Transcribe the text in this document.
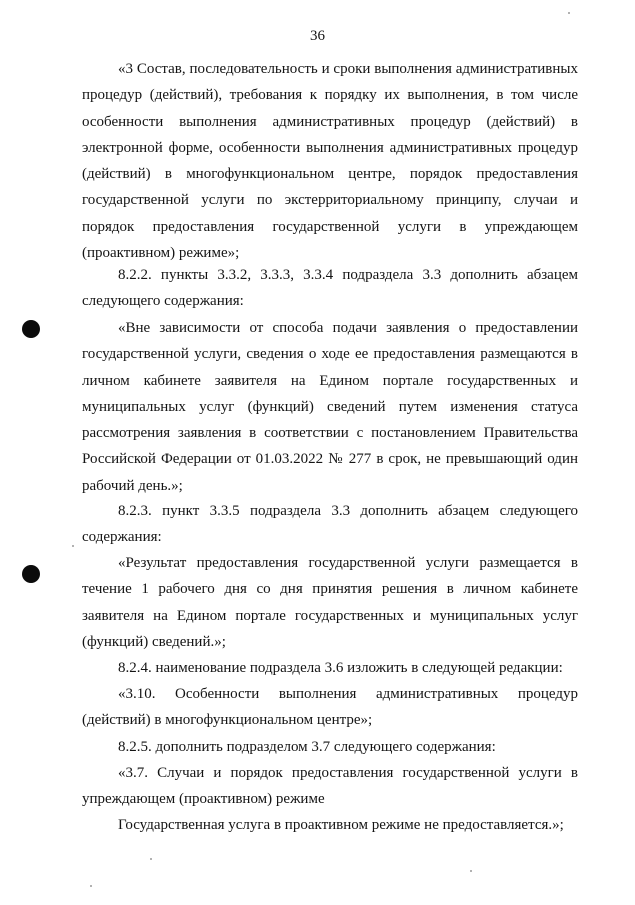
36

«3 Состав, последовательность и сроки выполнения административных процедур (действий), требования к порядку их выполнения, в том числе особенности выполнения административных процедур (действий) в электронной форме, особенности выполнения административных процедур (действий) в многофункциональном центре, порядок предоставления государственной услуги по экстерриториальному принципу, случаи и порядок предоставления государственной услуги в упреждающем (проактивном) режиме»;

8.2.2. пункты 3.3.2, 3.3.3, 3.3.4 подраздела 3.3 дополнить абзацем следующего содержания:

«Вне зависимости от способа подачи заявления о предоставлении государственной услуги, сведения о ходе ее предоставления размещаются в личном кабинете заявителя на Едином портале государственных и муниципальных услуг (функций) сведений путем изменения статуса рассмотрения заявления в соответствии с постановлением Правительства Российской Федерации от 01.03.2022 № 277 в срок, не превышающий один рабочий день.»;

8.2.3. пункт 3.3.5 подраздела 3.3 дополнить абзацем следующего содержания:

«Результат предоставления государственной услуги размещается в течение 1 рабочего дня со дня принятия решения в личном кабинете заявителя на Едином портале государственных и муниципальных услуг (функций) сведений.»;

8.2.4. наименование подраздела 3.6 изложить в следующей редакции:

«3.10. Особенности выполнения административных процедур (действий) в многофункциональном центре»;

8.2.5. дополнить подразделом 3.7 следующего содержания:

«3.7. Случаи и порядок предоставления государственной услуги в упреждающем (проактивном) режиме

Государственная услуга в проактивном режиме не предоставляется.»;
